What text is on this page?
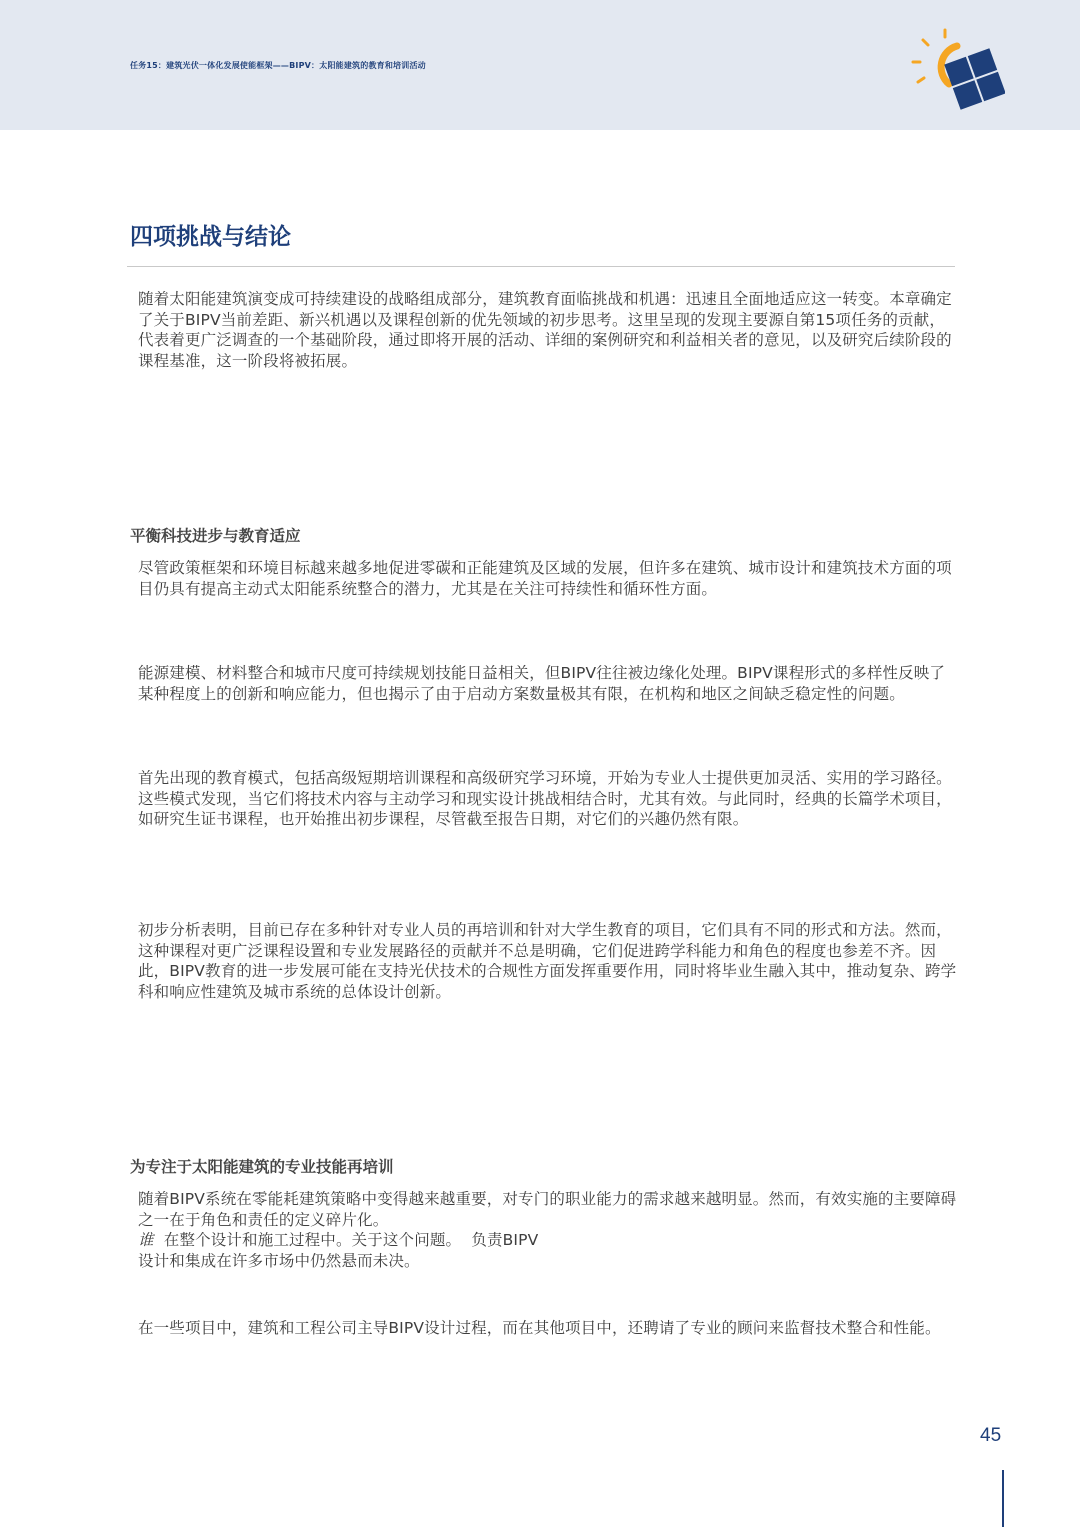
任务15：建筑光伏一体化发展使能框架——BIPV：太阳能建筑的教育和培训活动
四项挑战与结论

随着太阳能建筑演变成可持续建设的战略组成部分，建筑教育面临挑战和机遇：迅速且全面地适应这一转变。本章确定了关于BIPV当前差距、新兴机遇以及课程创新的优先领域的初步思考。这里呈现的发现主要源自第15项任务的贡献，代表着更广泛调查的一个基础阶段，通过即将开展的活动、详细的案例研究和利益相关者的意见，以及研究后续阶段的课程基准，这一阶段将被拓展。

平衡科技进步与教育适应

尽管政策框架和环境目标越来越多地促进零碳和正能建筑及区域的发展，但许多在建筑、城市设计和建筑技术方面的项目仍具有提高主动式太阳能系统整合的潜力，尤其是在关注可持续性和循环性方面。

能源建模、材料整合和城市尺度可持续规划技能日益相关，但BIPV往往被边缘化处理。BIPV课程形式的多样性反映了某种程度上的创新和响应能力，但也揭示了由于启动方案数量极其有限，在机构和地区之间缺乏稳定性的问题。

首先出现的教育模式，包括高级短期培训课程和高级研究学习环境，开始为专业人士提供更加灵活、实用的学习路径。这些模式发现，当它们将技术内容与主动学习和现实设计挑战相结合时，尤其有效。与此同时，经典的长篇学术项目，如研究生证书课程，也开始推出初步课程，尽管截至报告日期，对它们的兴趣仍然有限。

初步分析表明，目前已存在多种针对专业人员的再培训和针对大学生教育的项目，它们具有不同的形式和方法。然而，这种课程对更广泛课程设置和专业发展路径的贡献并不总是明确，它们促进跨学科能力和角色的程度也参差不齐。因此，BIPV教育的进一步发展可能在支持光伏技术的合规性方面发挥重要作用，同时将毕业生融入其中，推动复杂、跨学科和响应性建筑及城市系统的总体设计创新。

为专注于太阳能建筑的专业技能再培训
随着BIPV系统在零能耗建筑策略中变得越来越重要，对专门的职业能力的需求越来越明显。然而，有效实施的主要障碍之一在于角色和责任的定义碎片化。
谁  在整个设计和施工过程中。关于这个问题。  负责BIPV
设计和集成在许多市场中仍然悬而未决。

在一些项目中，建筑和工程公司主导BIPV设计过程，而在其他项目中，还聘请了专业的顾问来监督技术整合和性能。

45
